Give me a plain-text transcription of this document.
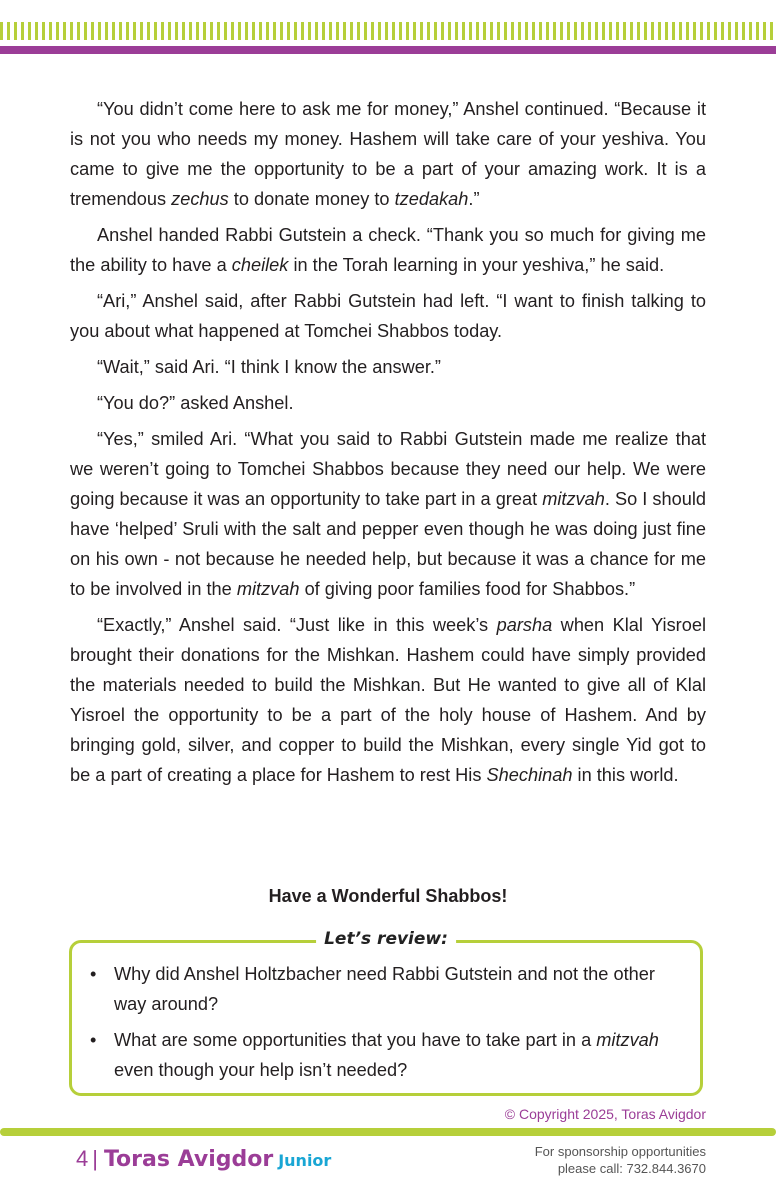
“You didn’t come here to ask me for money,” Anshel continued. “Because it is not you who needs my money. Hashem will take care of your yeshiva. You came to give me the opportunity to be a part of your amazing work. It is a tremendous zechus to donate money to tzedakah.”

Anshel handed Rabbi Gutstein a check. “Thank you so much for giving me the ability to have a cheilek in the Torah learning in your yeshiva,” he said.

“Ari,” Anshel said, after Rabbi Gutstein had left. “I want to finish talking to you about what happened at Tomchei Shabbos today.

“Wait,” said Ari. “I think I know the answer.”

“You do?” asked Anshel.

“Yes,” smiled Ari. “What you said to Rabbi Gutstein made me realize that we weren’t going to Tomchei Shabbos because they need our help. We were going because it was an opportunity to take part in a great mitzvah. So I should have ‘helped’ Sruli with the salt and pepper even though he was doing just fine on his own - not because he needed help, but because it was a chance for me to be involved in the mitzvah of giving poor families food for Shabbos.”

“Exactly,” Anshel said. “Just like in this week’s parsha when Klal Yisroel brought their donations for the Mishkan. Hashem could have simply provided the materials needed to build the Mishkan. But He wanted to give all of Klal Yisroel the opportunity to be a part of the holy house of Hashem. And by bringing gold, silver, and copper to build the Mishkan, every single Yid got to be a part of creating a place for Hashem to rest His Shechinah in this world.

Have a Wonderful Shabbos!
Let’s review:
• Why did Anshel Holtzbacher need Rabbi Gutstein and not the other way around?
• What are some opportunities that you have to take part in a mitzvah even though your help isn’t needed?
© Copyright 2025, Toras Avigdor
4 | Toras Avigdor Junior	For sponsorship opportunities
please call: 732.844.3670
